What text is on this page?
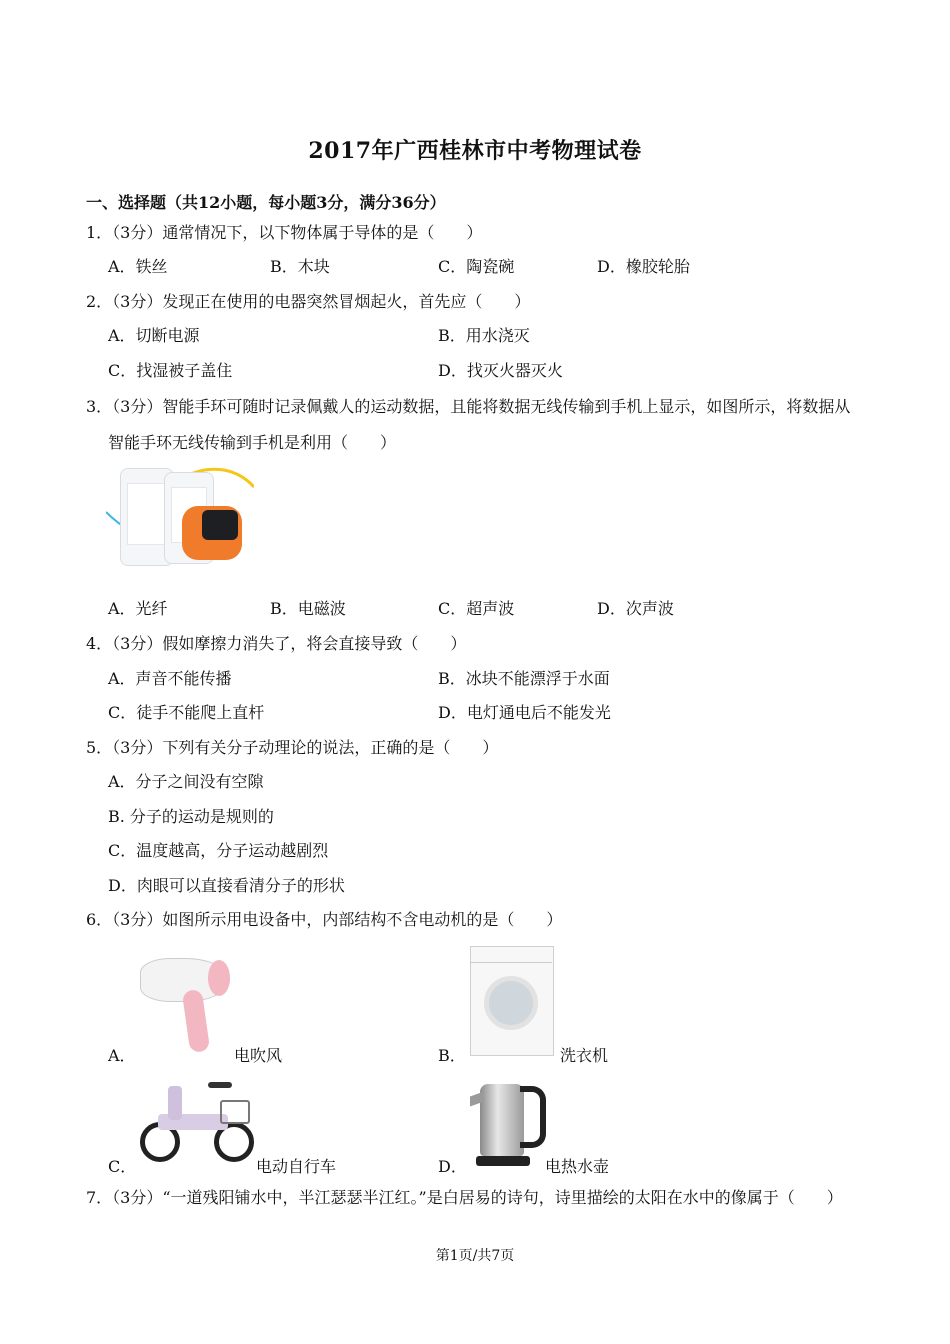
2017年广西桂林市中考物理试卷
一、选择题（共12小题，每小题3分，满分36分）
1．（3分）通常情况下，以下物体属于导体的是（　　）
A．铁丝	B．木块	C．陶瓷碗	D．橡胶轮胎
2．（3分）发现正在使用的电器突然冒烟起火，首先应（　　）
A．切断电源	B．用水浇灭
C．找湿被子盖住	D．找灭火器灭火
3．（3分）智能手环可随时记录佩戴人的运动数据，且能将数据无线传输到手机上显示，如图所示，将数据从
智能手环无线传输到手机是利用（　　）
A．光纤	B．电磁波	C．超声波	D．次声波
4．（3分）假如摩擦力消失了，将会直接导致（　　）
A．声音不能传播	B．冰块不能漂浮于水面
C．徒手不能爬上直杆	D．电灯通电后不能发光
5．（3分）下列有关分子动理论的说法，正确的是（　　）
A．分子之间没有空隙
B. 分子的运动是规则的
C．温度越高，分子运动越剧烈
D．肉眼可以直接看清分子的形状
6．（3分）如图所示用电设备中，内部结构不含电动机的是（　　）
A．	电吹风	B．	洗衣机
C．	电动自行车	D．	电热水壶
7．（3分）“一道残阳铺水中，半江瑟瑟半江红。”是白居易的诗句，诗里描绘的太阳在水中的像属于（　　）
第1页/共7页
